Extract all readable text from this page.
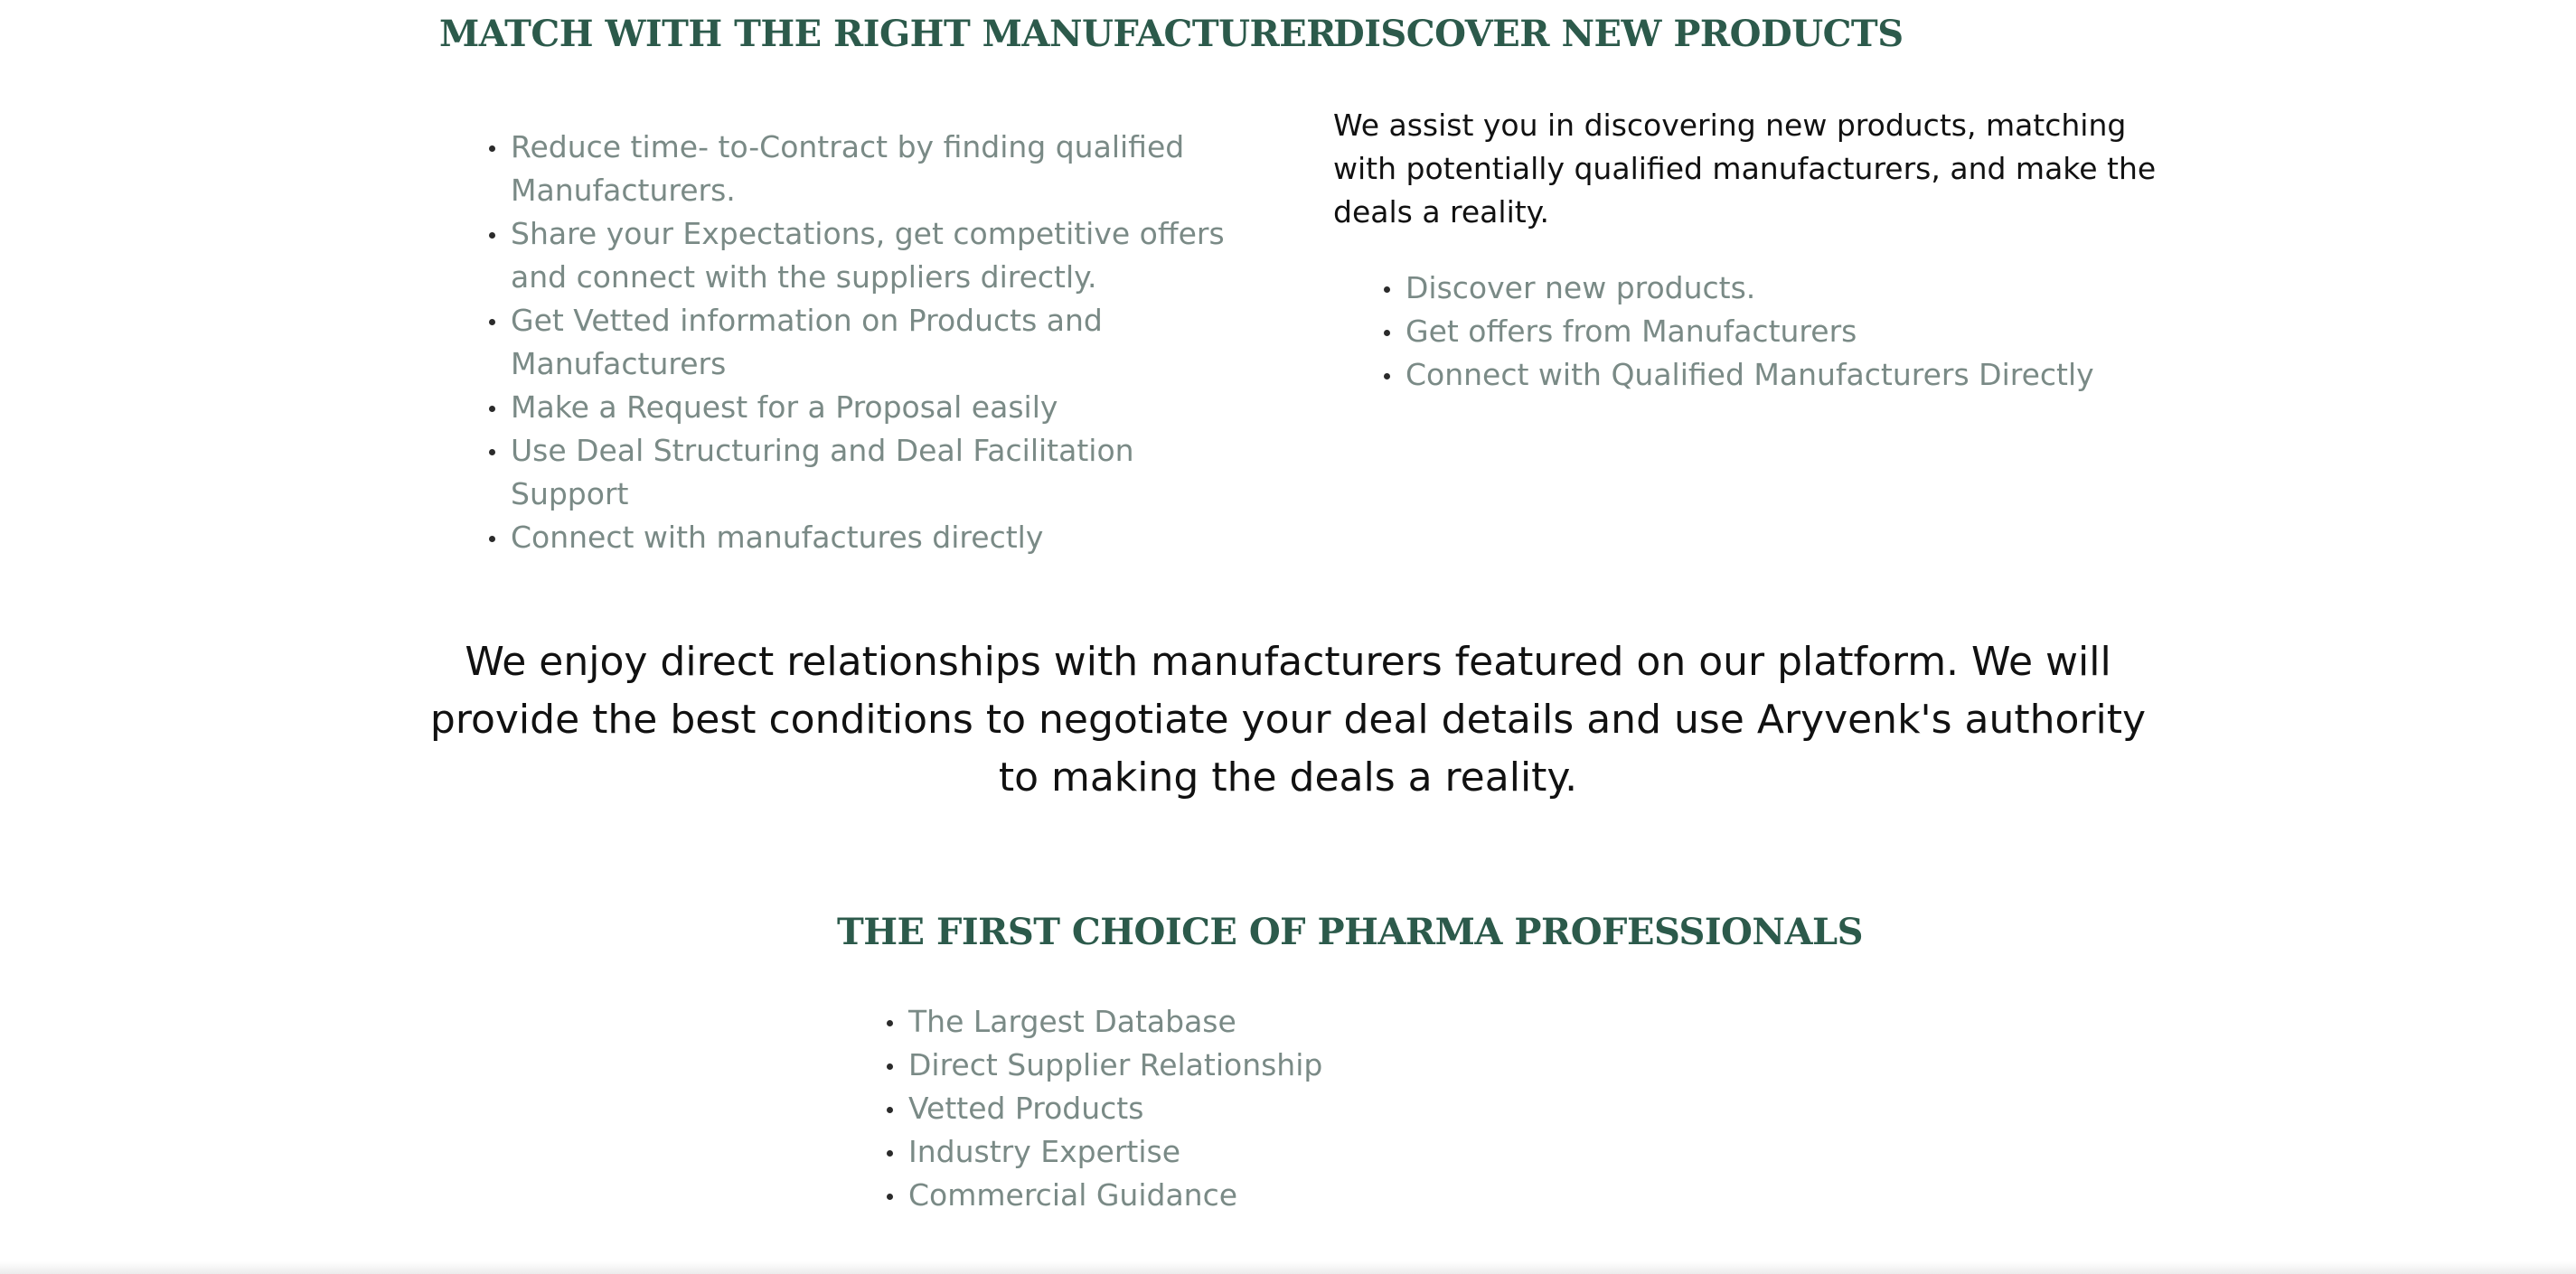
MATCH WITH THE RIGHT MANUFACTURER
Reduce time- to-Contract by finding qualified Manufacturers.
Share your Expectations, get competitive offers and connect with the suppliers directly.
Get Vetted information on Products and Manufacturers
Make a Request for a Proposal easily
Use Deal Structuring and Deal Facilitation Support
Connect with manufactures directly
DISCOVER NEW PRODUCTS

We assist you in discovering new products, matching with potentially qualified manufacturers, and make the deals a reality.

Discover new products.
Get offers from Manufacturers
Connect with Qualified Manufacturers Directly

We enjoy direct relationships with manufacturers featured on our platform. We will provide the best conditions to negotiate your deal details and use Aryvenk's authority to making the deals a reality.

THE FIRST CHOICE OF PHARMA PROFESSIONALS
The Largest Database
Direct Supplier Relationship
Vetted Products
Industry Expertise
Commercial Guidance
